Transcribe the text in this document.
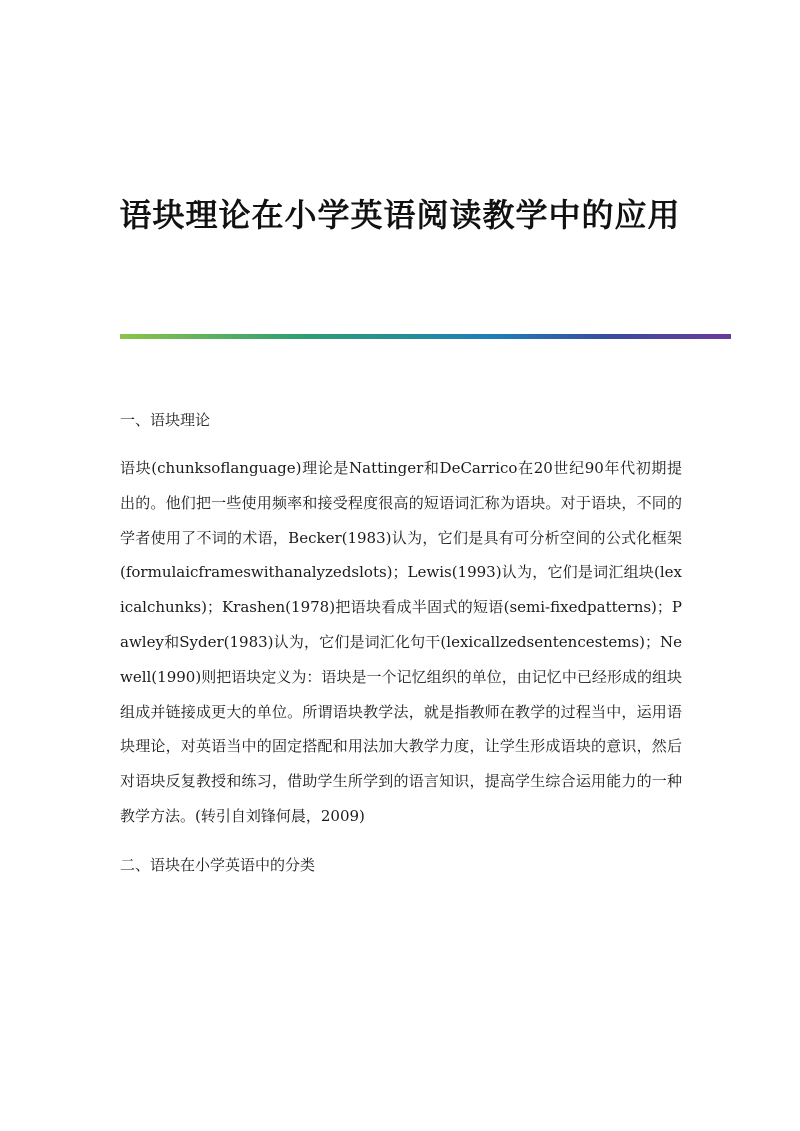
语块理论在小学英语阅读教学中的应用
一、语块理论
语块(chunksoflanguage)理论是Nattinger和DeCarrico在20世纪90年代初期提出的。他们把一些使用频率和接受程度很高的短语词汇称为语块。对于语块，不同的学者使用了不词的术语，Becker(1983)认为，它们是具有可分析空间的公式化框架(formulaicframeswithanalyzedslots)；Lewis(1993)认为，它们是词汇组块(lexicalchunks)；Krashen(1978)把语块看成半固式的短语(semi-fixedpatterns)；Pawley和Syder(1983)认为，它们是词汇化句干(lexicallzedsentencestems)；Newell(1990)则把语块定义为：语块是一个记忆组织的单位，由记忆中已经形成的组块组成并链接成更大的单位。所谓语块教学法，就是指教师在教学的过程当中，运用语块理论，对英语当中的固定搭配和用法加大教学力度，让学生形成语块的意识，然后对语块反复教授和练习，借助学生所学到的语言知识，提高学生综合运用能力的一种教学方法。(转引自刘锋何晨，2009)
二、语块在小学英语中的分类
